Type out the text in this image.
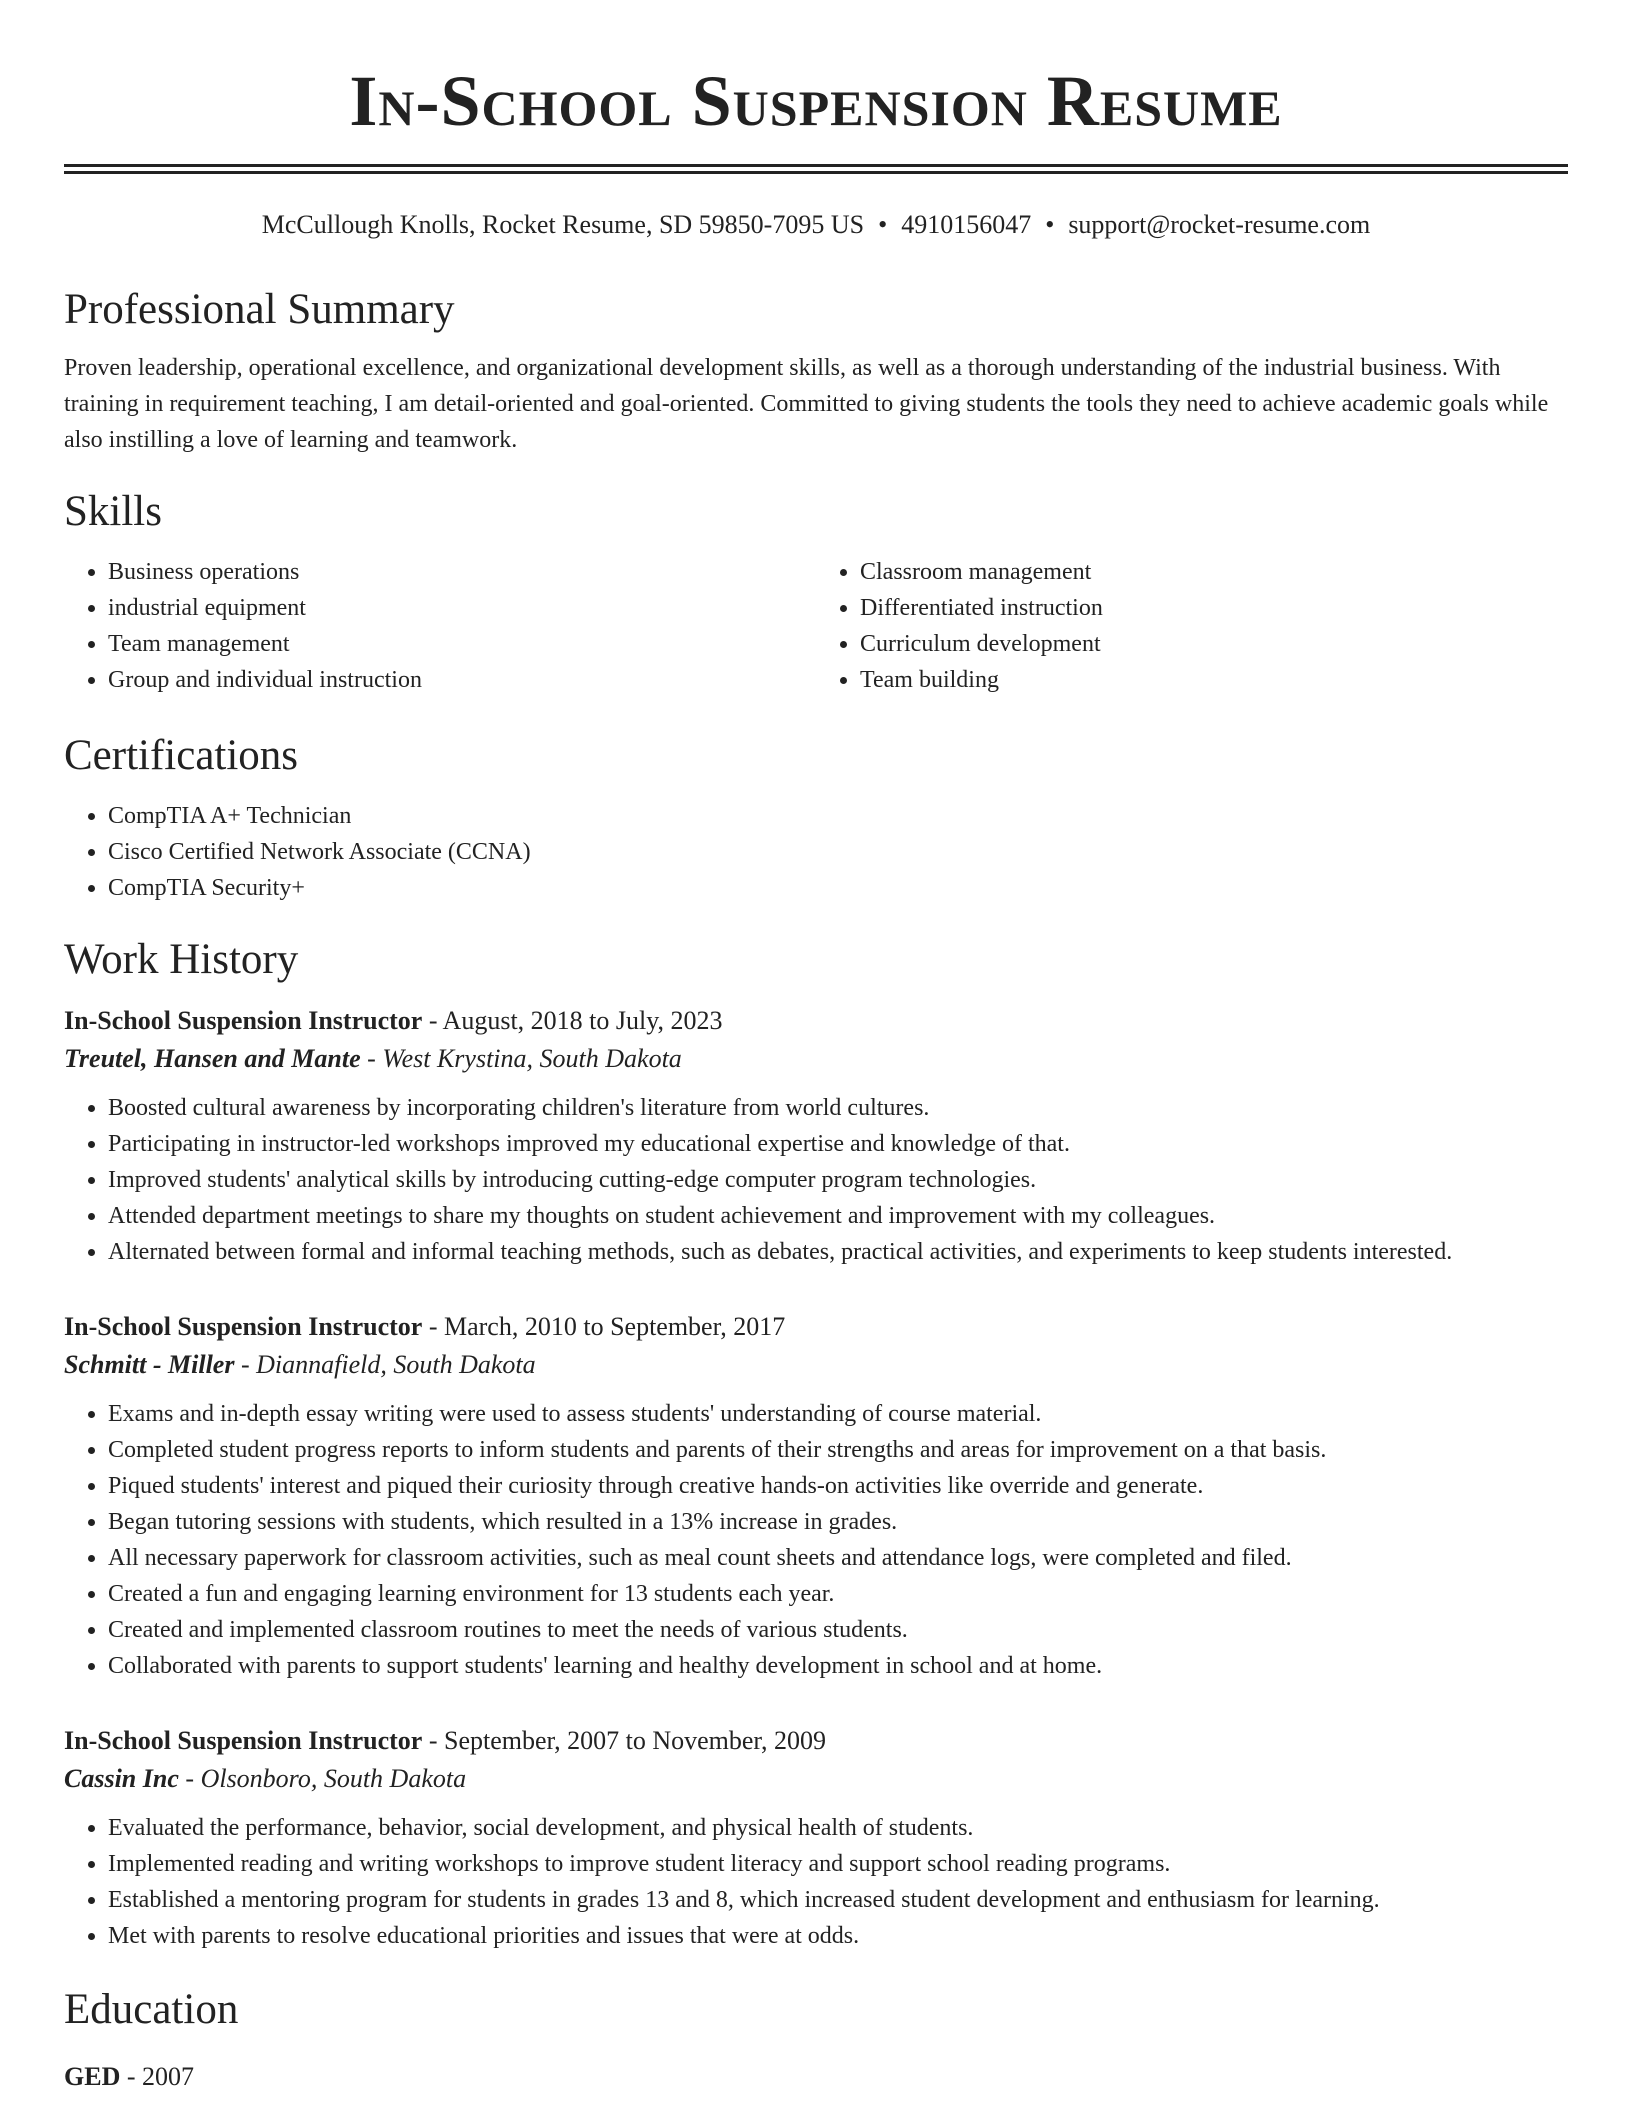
In-School Suspension Resume
McCullough Knolls, Rocket Resume, SD 59850-7095 US • 4910156047 • support@rocket-resume.com
Professional Summary

Proven leadership, operational excellence, and organizational development skills, as well as a thorough understanding of the industrial business. With training in requirement teaching, I am detail-oriented and goal-oriented. Committed to giving students the tools they need to achieve academic goals while also instilling a love of learning and teamwork.

Skills
• Business operations
• industrial equipment
• Team management
• Group and individual instruction
• Classroom management
• Differentiated instruction
• Curriculum development
• Team building
Certifications
• CompTIA A+ Technician
• Cisco Certified Network Associate (CCNA)
• CompTIA Security+
Work History
In-School Suspension Instructor - August, 2018 to July, 2023
Treutel, Hansen and Mante - West Krystina, South Dakota
• Boosted cultural awareness by incorporating children's literature from world cultures.
• Participating in instructor-led workshops improved my educational expertise and knowledge of that.
• Improved students' analytical skills by introducing cutting-edge computer program technologies.
• Attended department meetings to share my thoughts on student achievement and improvement with my colleagues.
• Alternated between formal and informal teaching methods, such as debates, practical activities, and experiments to keep students interested.
In-School Suspension Instructor - March, 2010 to September, 2017
Schmitt - Miller - Diannafield, South Dakota
• Exams and in-depth essay writing were used to assess students' understanding of course material.
• Completed student progress reports to inform students and parents of their strengths and areas for improvement on a that basis.
• Piqued students' interest and piqued their curiosity through creative hands-on activities like override and generate.
• Began tutoring sessions with students, which resulted in a 13% increase in grades.
• All necessary paperwork for classroom activities, such as meal count sheets and attendance logs, were completed and filed.
• Created a fun and engaging learning environment for 13 students each year.
• Created and implemented classroom routines to meet the needs of various students.
• Collaborated with parents to support students' learning and healthy development in school and at home.
In-School Suspension Instructor - September, 2007 to November, 2009
Cassin Inc - Olsonboro, South Dakota
• Evaluated the performance, behavior, social development, and physical health of students.
• Implemented reading and writing workshops to improve student literacy and support school reading programs.
• Established a mentoring program for students in grades 13 and 8, which increased student development and enthusiasm for learning.
• Met with parents to resolve educational priorities and issues that were at odds.
Education
GED - 2007
